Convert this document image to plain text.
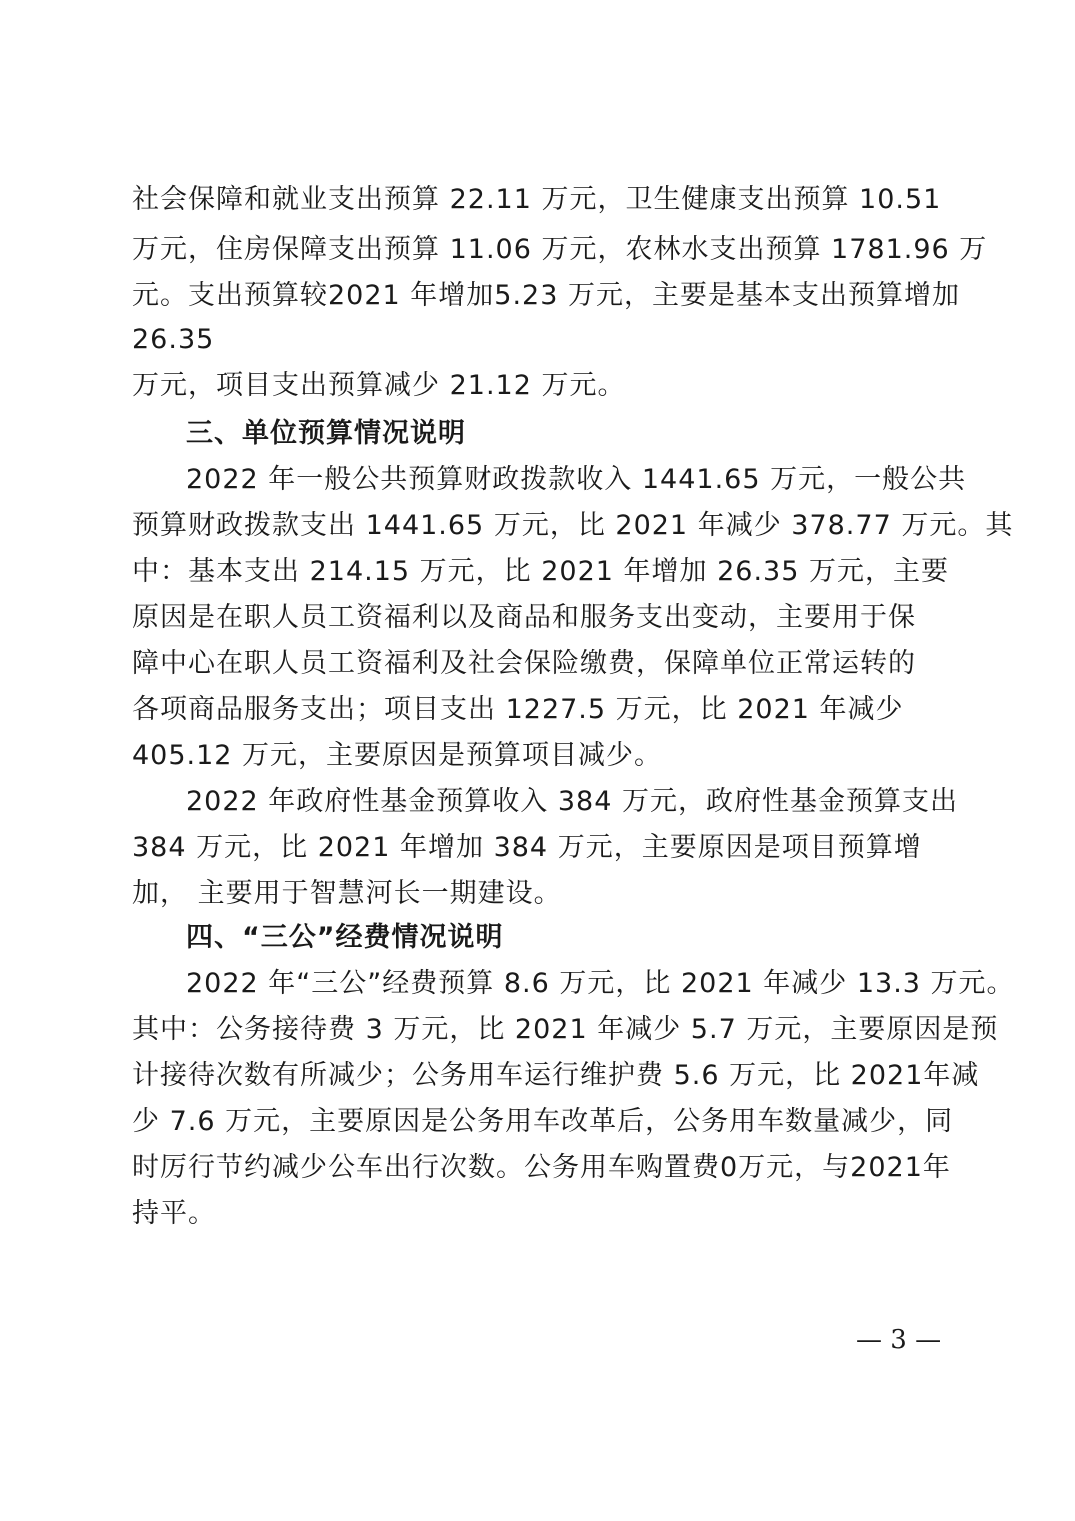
社会保障和就业支出预算 22.11 万元，卫生健康支出预算 10.51
万元，住房保障支出预算 11.06 万元，农林水支出预算 1781.96 万
元。支出预算较2021 年增加5.23 万元，主要是基本支出预算增加
26.35
万元，项目支出预算减少 21.12 万元。
三、单位预算情况说明
2022 年一般公共预算财政拨款收入 1441.65 万元，一般公共
预算财政拨款支出 1441.65 万元，比 2021 年减少 378.77 万元。其
中：基本支出 214.15 万元，比 2021 年增加 26.35 万元，主要
原因是在职人员工资福利以及商品和服务支出变动，主要用于保
障中心在职人员工资福利及社会保险缴费，保障单位正常运转的
各项商品服务支出；项目支出 1227.5 万元，比 2021 年减少
405.12 万元，主要原因是预算项目减少。
2022 年政府性基金预算收入 384 万元，政府性基金预算支出
384 万元，比 2021 年增加 384 万元，主要原因是项目预算增
加， 主要用于智慧河长一期建设。
四、“三公”经费情况说明
2022 年“三公”经费预算 8.6 万元，比 2021 年减少 13.3 万元。
其中：公务接待费 3 万元，比 2021 年减少 5.7 万元，主要原因是预
计接待次数有所减少；公务用车运行维护费 5.6 万元，比 2021年减
少 7.6 万元，主要原因是公务用车改革后，公务用车数量减少，同
时厉行节约减少公车出行次数。公务用车购置费0万元，与2021年
持平。
— 3 —
